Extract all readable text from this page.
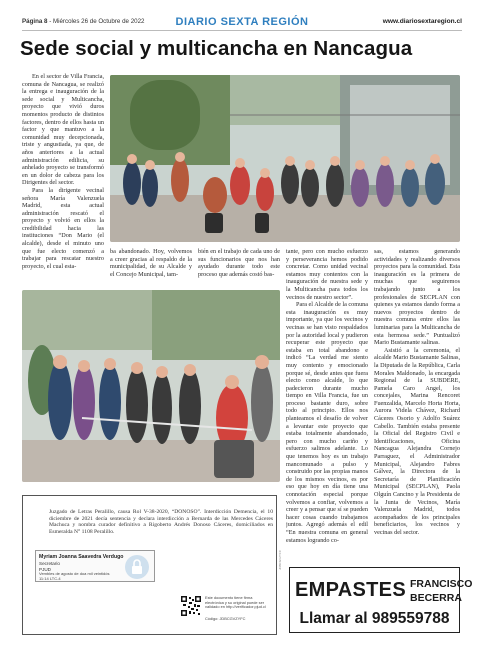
Página 8 - Miércoles 26 de Octubre de 2022	DIARIO SEXTA REGIÓN	www.diariosextaregion.cl
Sede social y multicancha en Nancagua

En el sector de Villa Francia, comuna de Nancagua, se realizó la entrega e inauguración de la sede social y Multicancha, proyecto que vivió duros momentos producto de distintos factores, dentro de ellos hasta un factor y que mantuvo a la comunidad muy decepcionada, triste y angustiada, ya que, de años anteriores a la actual administración edilicia, su anhelado proyecto se transformó en un dolor de cabeza para los Dirigentes del sector.

Para la dirigente vecinal señora María Valenzuela Madrid, esta actual administración rescató el proyecto y volvió en ellos la credibilidad hacia las instituciones “Don Mario (el alcalde), desde el minuto uno que fue electo comenzó a trabajar para rescatar nuestro proyecto, el cual esta-

ba abandonado. Hoy, volvemos a creer gracias al respaldo de la municipalidad, de su Alcalde y el Concejo Municipal, tam-

bién en el trabajo de cada uno de sus funcionarios que nos han ayudado durante todo este proceso que además costó bas-

tante, pero con mucho esfuerzo y perseverancia hemos podido concretar. Como unidad vecinal estamos muy contentos con la inauguración de nuestra sede y la Multicancha para todos los vecinos de nuestro sector”.

Para el Alcalde de la comuna esta inauguración es muy importante, ya que los vecinos y vecinas se han visto respaldados por la autoridad local y pudieron recuperar este proyecto que estaba en total abandono e indicó “La verdad me siento muy contento y emocionado porque sé, desde antes que fuera electo como alcalde, lo que padecieron durante mucho tiempo en Villa Francia, fue un proceso bastante duro, sobre todo al principio. Ellos nos planteamos el desafío de volver a levantar este proyecto que estaba totalmente abandonado, pero con mucho cariño y esfuerzo salimos adelante. Lo que tenemos hoy es un trabajo mancomunado a pulso y construido por las propias manos de los mismos vecinos, es por eso que hoy en día tiene una connotación especial porque volvemos a confiar, volvemos a creer y a pensar que sí se pueden hacer cosas cuando trabajamos juntos. Agregó además el edil “En nuestra comuna en general estamos logrando co-

sas, estamos generando actividades y realizando diversos proyectos para la comunidad. Esta inauguración es la primera de muchas que seguiremos trabajando junto a los profesionales de SECPLAN con quienes ya estamos dando forma a nuevos proyectos dentro de nuestra comuna entre ellos las luminarias para la Multicancha de esta hermosa sede.” Puntualizó Mario Bustamante salinas.

Asistió a la ceremonia, el alcalde Mario Bustamante Salinas, la Diputada de la República, Carla Morales Maldonado, la encargada Regional de la SUBDERE, Pamela Caro Angel, los concejales, Marina Rencoret Fuenzalida, Marcelo Horta Horta, Aurora Videla Chávez, Richard Cáceres Osorio y Adolfo Suárez Cabello. También estaba presente la Oficial del Registro Civil e Identificaciones, Oficina Nancagua Alejandra Cornejo Parraguez, el Administrador Municipal, Alejandro Fabres Gálvez, la Directora de la Secretaría de Planificación Municipal (SECPLAN), Paola Olguín Cancino y la Presidenta de la Junta de Vecinos, María Valenzuela Madrid, todos acompañados de los principales beneficiarios, los vecinos y vecinas del sector.

Juzgado de Letras Peralillo, causa Rol V-38-2020, “DONOSO”. Interdicción Demencia, el 10 diciembre de 2021 decía sentencia y declara interdicción a Bernarda de las Mercedes Cáceres Machuca y nombra curador definitivo a Rigoberto Andrés Donoso Cáceres, domiciliados en Esmeralda N° 1108 Peralillo.
Myriam Joanna Saavedra Verdugo
Secretario
PJUD
Vembles de agosto de doa mil veintidós 11:14 LTC-4
Este documento tiene firma electrónica y su original puede ser validado en http://verificador.pjud.cl
Código: JDBCGVZYFC
JDBCGVZYFC
EMPASTES FRANCISCO
BECERRA
Llamar al 989559788
